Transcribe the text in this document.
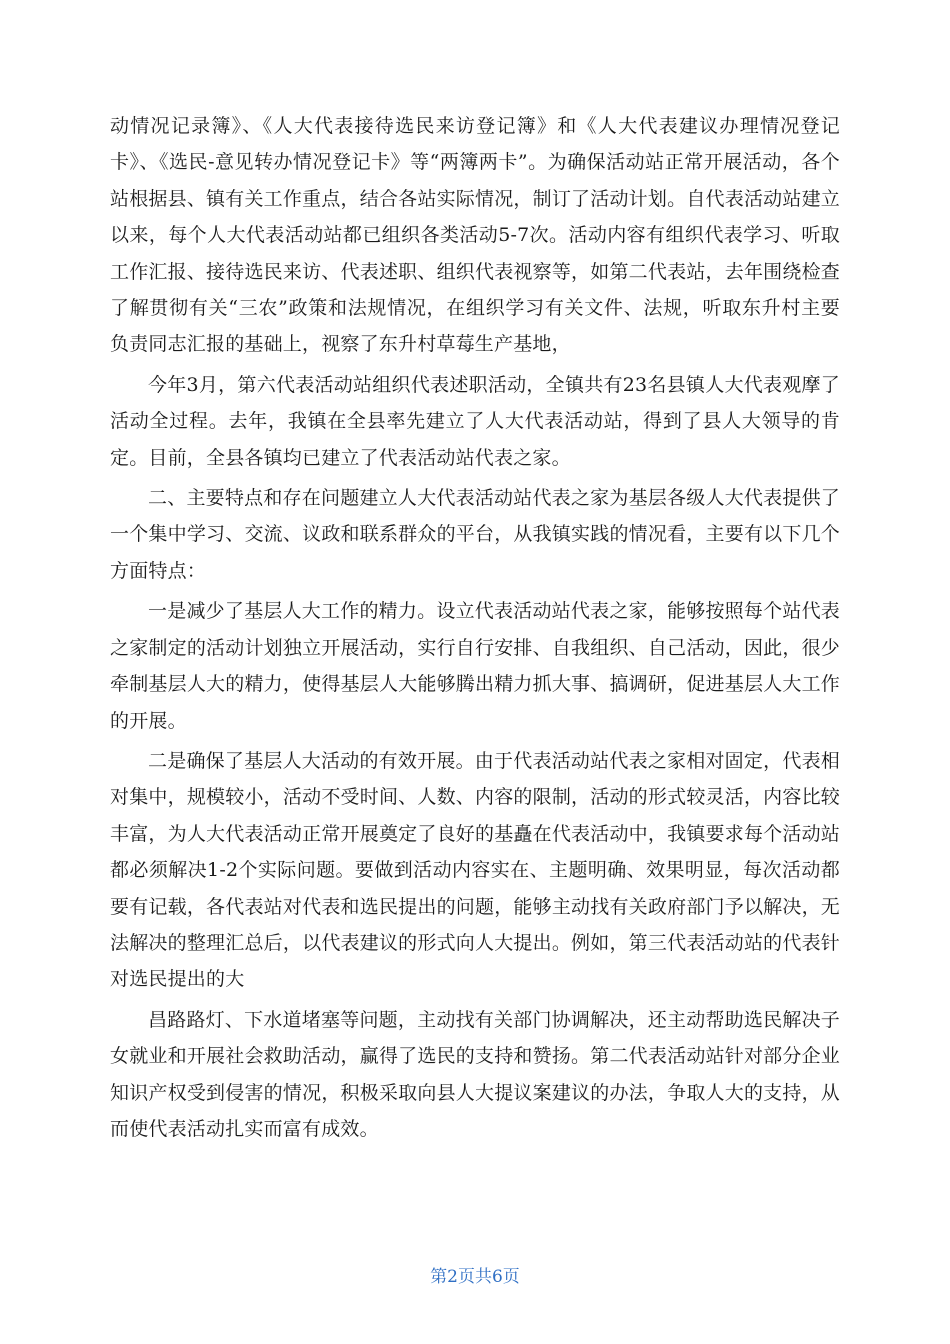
动情况记录簿》、《人大代表接待选民来访登记簿》和《人大代表建议办理情况登记卡》、《选民-意见转办情况登记卡》等“两簿两卡”。为确保活动站正常开展活动，各个站根据县、镇有关工作重点，结合各站实际情况，制订了活动计划。自代表活动站建立以来，每个人大代表活动站都已组织各类活动5-7次。活动内容有组织代表学习、听取工作汇报、接待选民来访、代表述职、组织代表视察等，如第二代表站，去年围绕检查了解贯彻有关“三农”政策和法规情况，在组织学习有关文件、法规，听取东升村主要负责同志汇报的基础上，视察了东升村草莓生产基地，

今年3月，第六代表活动站组织代表述职活动，全镇共有23名县镇人大代表观摩了活动全过程。去年，我镇在全县率先建立了人大代表活动站，得到了县人大领导的肯定。目前，全县各镇均已建立了代表活动站代表之家。

二、主要特点和存在问题建立人大代表活动站代表之家为基层各级人大代表提供了一个集中学习、交流、议政和联系群众的平台，从我镇实践的情况看，主要有以下几个方面特点：

一是减少了基层人大工作的精力。设立代表活动站代表之家，能够按照每个站代表之家制定的活动计划独立开展活动，实行自行安排、自我组织、自己活动，因此，很少牵制基层人大的精力，使得基层人大能够腾出精力抓大事、搞调研，促进基层人大工作的开展。

二是确保了基层人大活动的有效开展。由于代表活动站代表之家相对固定，代表相对集中，规模较小，活动不受时间、人数、内容的限制，活动的形式较灵活，内容比较丰富，为人大代表活动正常开展奠定了良好的基矗在代表活动中，我镇要求每个活动站都必须解决1-2个实际问题。要做到活动内容实在、主题明确、效果明显，每次活动都要有记载，各代表站对代表和选民提出的问题，能够主动找有关政府部门予以解决，无法解决的整理汇总后，以代表建议的形式向人大提出。例如，第三代表活动站的代表针对选民提出的大

昌路路灯、下水道堵塞等问题，主动找有关部门协调解决，还主动帮助选民解决子女就业和开展社会救助活动，赢得了选民的支持和赞扬。第二代表活动站针对部分企业知识产权受到侵害的情况，积极采取向县人大提议案建议的办法，争取人大的支持，从而使代表活动扎实而富有成效。

第2页共6页
